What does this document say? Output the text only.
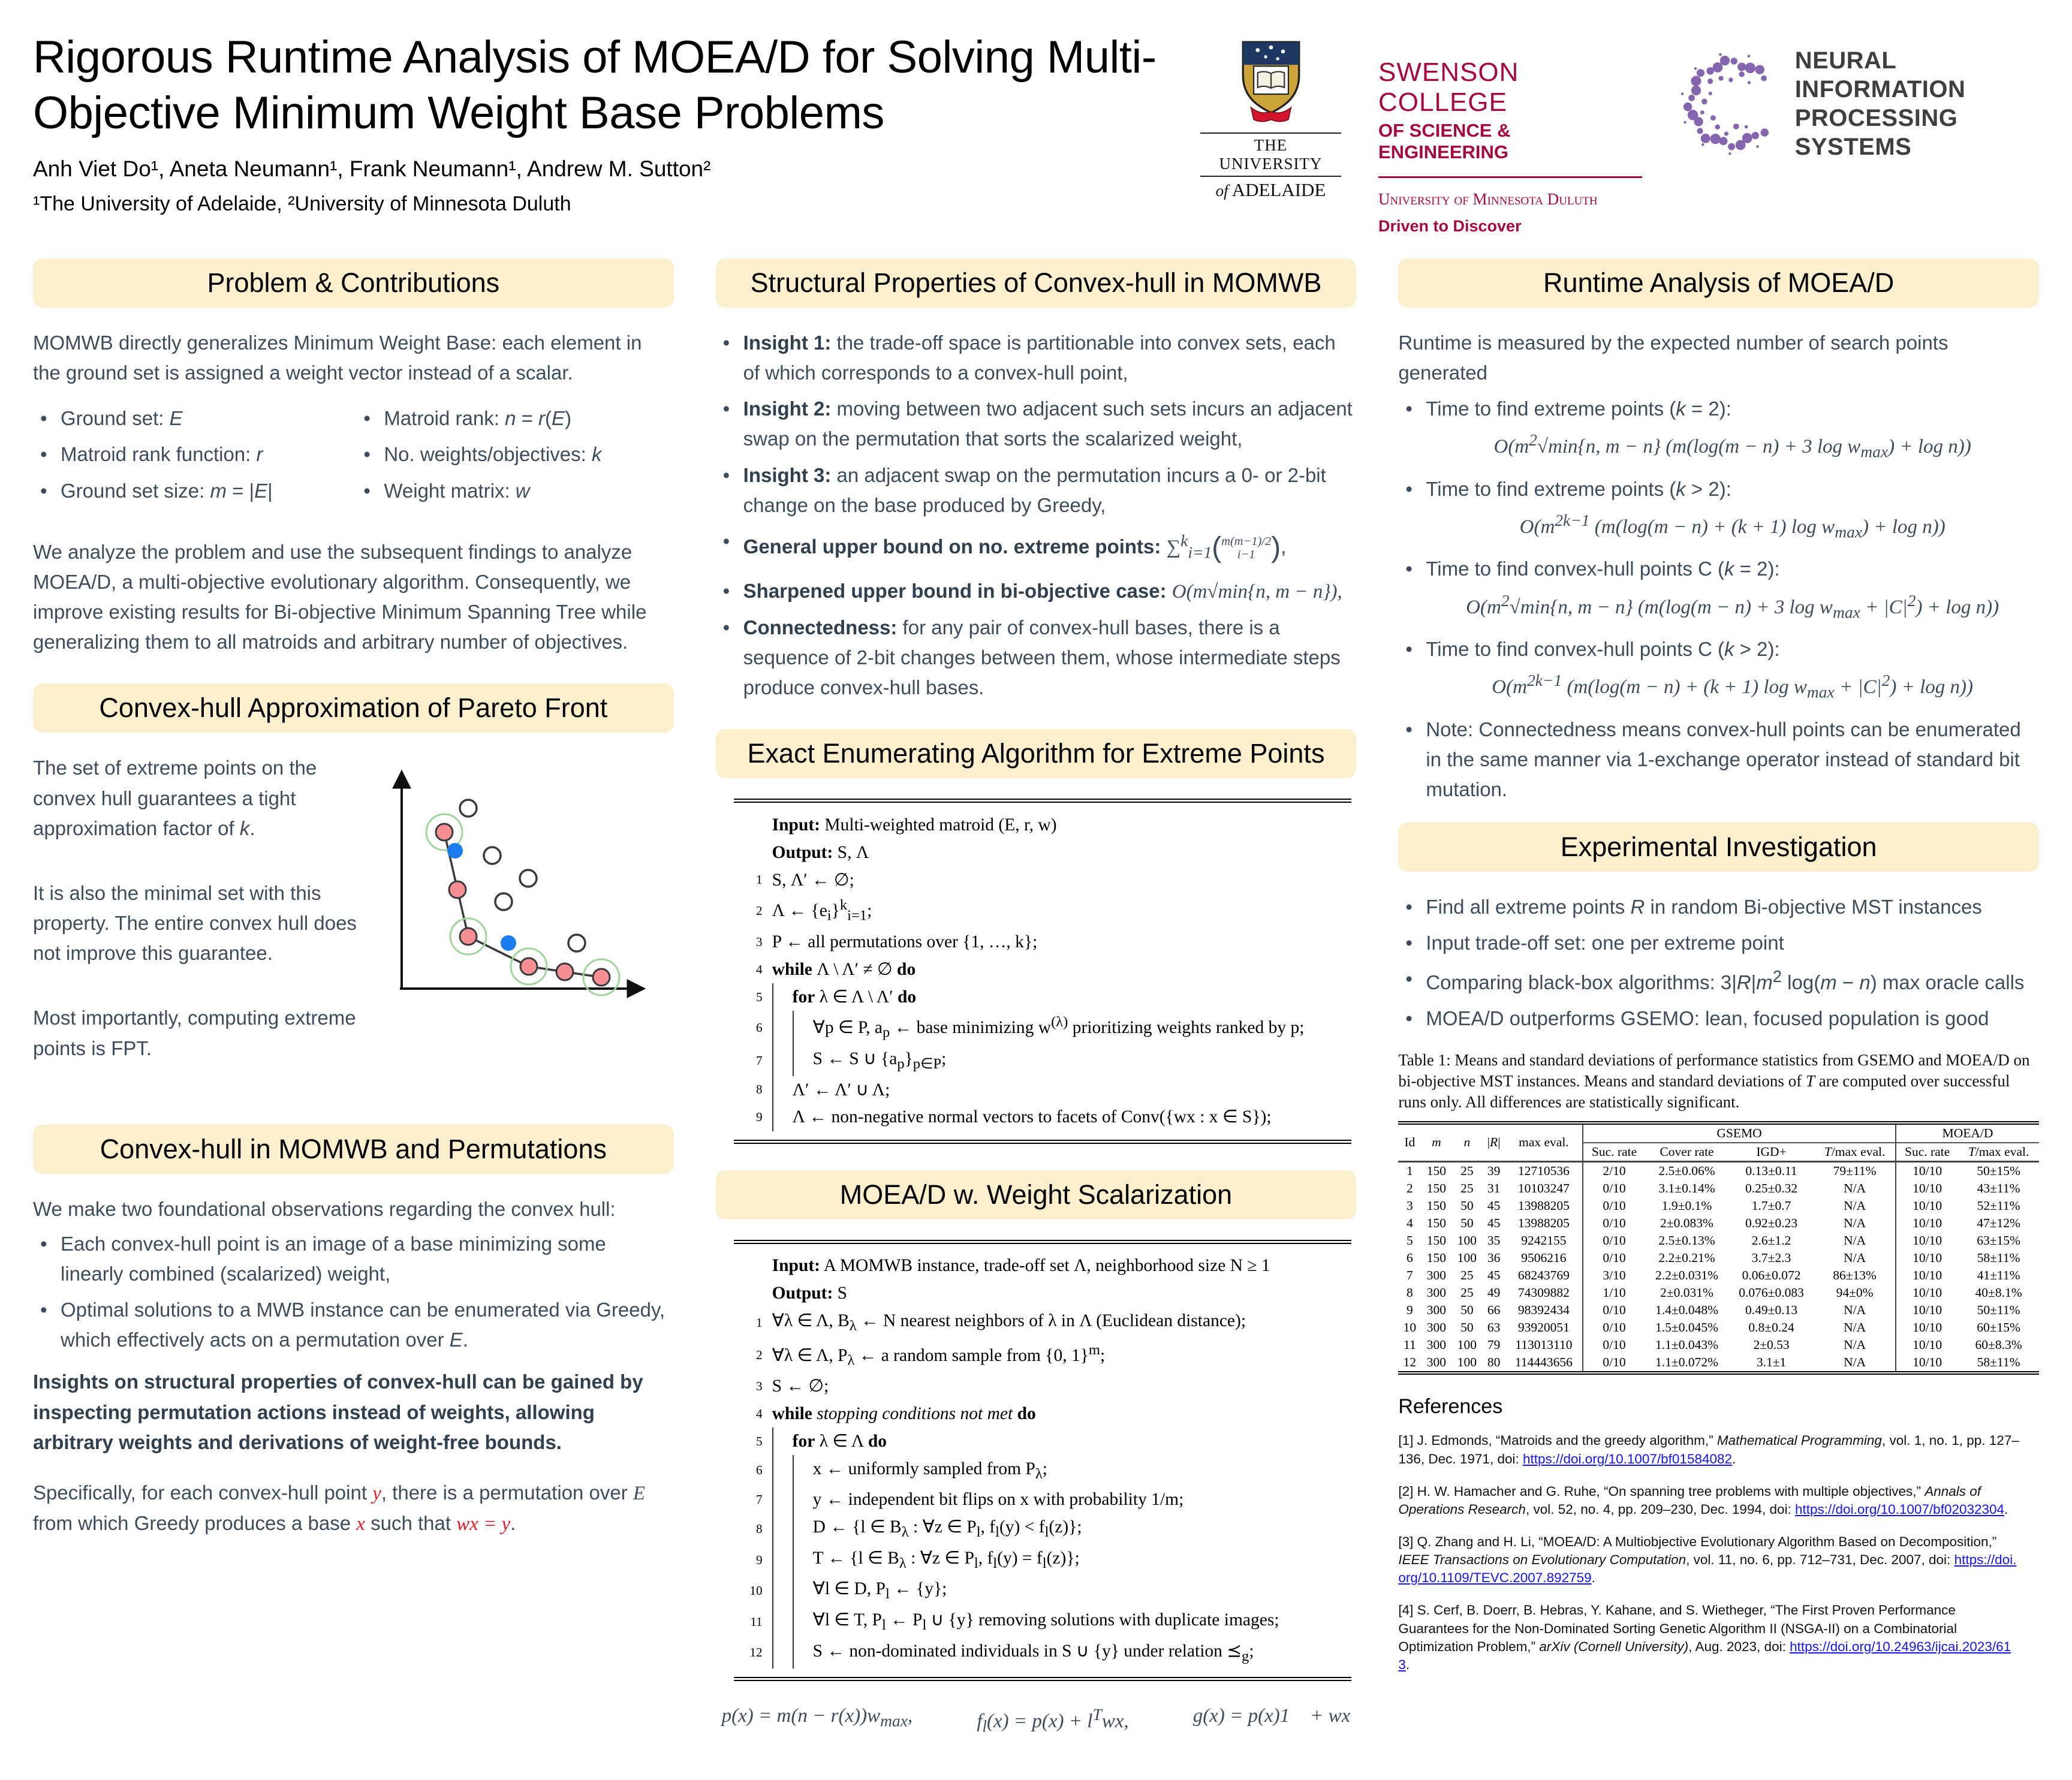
Rigorous Runtime Analysis of MOEA/D for Solving Multi-
Objective Minimum Weight Base Problems
Anh Viet Do¹, Aneta Neumann¹, Frank Neumann¹, Andrew M. Sutton²
¹The University of Adelaide, ²University of Minnesota Duluth
THE UNIVERSITY
of ADELAIDE
SWENSON COLLEGE
OF SCIENCE & ENGINEERING
University of Minnesota Duluth
Driven to Discover
NEURAL INFORMATION
PROCESSING SYSTEMS
Problem & Contributions

MOMWB directly generalizes Minimum Weight Base: each element in the ground set is assigned a weight vector instead of a scalar.

• Ground set: E
• Matroid rank function: r
• Ground set size: m = |E|
• Matroid rank: n = r(E)
• No. weights/objectives: k
• Weight matrix: w

We analyze the problem and use the subsequent findings to analyze MOEA/D, a multi-objective evolutionary algorithm. Consequently, we improve existing results for Bi-objective Minimum Spanning Tree while generalizing them to all matroids and arbitrary number of objectives.

Convex-hull Approximation of Pareto Front

The set of extreme points on the convex hull guarantees a tight approximation factor of k.

It is also the minimal set with this property. The entire convex hull does not improve this guarantee.

Most importantly, computing extreme points is FPT.

Convex-hull in MOMWB and Permutations

We make two foundational observations regarding the convex hull:

• Each convex-hull point is an image of a base minimizing some linearly combined (scalarized) weight,
• Optimal solutions to a MWB instance can be enumerated via Greedy, which effectively acts on a permutation over E.

Insights on structural properties of convex-hull can be gained by inspecting permutation actions instead of weights, allowing arbitrary weights and derivations of weight-free bounds.

Specifically, for each convex-hull point y, there is a permutation over E from which Greedy produces a base x such that wx = y.

Structural Properties of Convex-hull in MOMWB
• Insight 1: the trade-off space is partitionable into convex sets, each of which corresponds to a convex-hull point,
• Insight 2: moving between two adjacent such sets incurs an adjacent swap on the permutation that sorts the scalarized weight,
• Insight 3: an adjacent swap on the permutation incurs a 0- or 2-bit change on the base produced by Greedy,
• General upper bound on no. extreme points: ∑$^k_{i=1}$( m(m−1)/2
i−1 ),
• Sharpened upper bound in bi-objective case: O(m√min{n, m − n}),
• Connectedness: for any pair of convex-hull bases, there is a sequence of 2-bit changes between them, whose intermediate steps produce convex-hull bases.
Exact Enumerating Algorithm for Extreme Points
Input: Multi-weighted matroid (E, r, w)
Output: S, Λ
1 S, Λ′ ← ∅;
2 Λ ← $\{e_i\}^k_{i=1}$;
3 P ← all permutations over {1, …, k};
4 while Λ \ Λ′ ≠ ∅ do
5	for λ ∈ Λ \ Λ′ do
6	∀p ∈ P, $a_p$ ← base minimizing $w^{(\lambda)}$ prioritizing weights ranked by p;
7	S ← S ∪ $\{a_p\}_{p\in P}$;
8	Λ′ ← Λ′ ∪ Λ;
9	Λ ← non-negative normal vectors to facets of Conv({wx : x ∈ S});
MOEA/D w. Weight Scalarization
Input: A MOMWB instance, trade-off set Λ, neighborhood size N ≥ 1
Output: S
1 ∀λ ∈ Λ, $B_\lambda$ ← N nearest neighbors of λ in Λ (Euclidean distance);
2 ∀λ ∈ Λ, $P_\lambda$ ← a random sample from {0, 1}$^m$;
3 S ← ∅;
4 while stopping conditions not met do
5	for λ ∈ Λ do
6	x ← uniformly sampled from $P_\lambda$;
7	y ← independent bit flips on x with probability 1/m;
8	D ← {l ∈ $B_\lambda$ : ∀z ∈ $P_l$, $f_l(y) < f_l(z)$};
9	T ← {l ∈ $B_\lambda$ : ∀z ∈ $P_l$, $f_l(y) = f_l(z)$};
10	∀l ∈ D, $P_l$ ← {y};
11	∀l ∈ T, $P_l$ ← $P_l$ ∪ {y} removing solutions with duplicate images;
12	S ← non-dominated individuals in S ∪ {y} under relation $⪯_g$;
$p(x) = m(n - r(x))w_{max}$,	$f_l(x) = p(x) + l^Twx$,	g(x) = p(x)1⃗ + wx
Runtime Analysis of MOEA/D

Runtime is measured by the expected number of search points generated

• Time to find extreme points (k = 2):
$O(m^2√\min\{n$, m − n} (m(log(m − n) + 3 $\log w_{max}) + \log n$))
• Time to find extreme points (k > 2):
$O(m^{2k-1}$ (m(log(m − n) + (k + 1) $\log w_{max}) + \log n$))
• Time to find convex-hull points C (k = 2):
$O(m^2√\min\{n$, m − n} (m(log(m − n) + 3 $\log w_{max} + |C|^2) + \log n$))
• Time to find convex-hull points C (k > 2):
$O(m^{2k-1}$ (m(log(m − n) + (k + 1) $\log w_{max} + |C|^2) + \log n$))
• Note: Connectedness means convex-hull points can be enumerated in the same manner via 1-exchange operator instead of standard bit mutation.
Experimental Investigation
• Find all extreme points R in random Bi-objective MST instances
• Input trade-off set: one per extreme point
• Comparing black-box algorithms: $3|R|m^2$ log(m − n) max oracle calls
• MOEA/D outperforms GSEMO: lean, focused population is good

Table 1: Means and standard deviations of performance statistics from GSEMO and MOEA/D on bi-objective MST instances. Means and standard deviations of T are computed over successful runs only. All differences are statistically significant.

Id	m	n	|R|	max eval.	GSEMO				MOEA/D	
					Suc. rate	Cover rate	IGD+	T/max eval.	Suc. rate	T/max eval.
1	150	25	39	12710536	2/10	2.5±0.06%	0.13±0.11	79±11%	10/10	50±15%
2	150	25	31	10103247	0/10	3.1±0.14%	0.25±0.32	N/A	10/10	43±11%
3	150	50	45	13988205	0/10	1.9±0.1%	1.7±0.7	N/A	10/10	52±11%
4	150	50	45	13988205	0/10	2±0.083%	0.92±0.23	N/A	10/10	47±12%
5	150	100	35	9242155	0/10	2.5±0.13%	2.6±1.2	N/A	10/10	63±15%
6	150	100	36	9506216	0/10	2.2±0.21%	3.7±2.3	N/A	10/10	58±11%
7	300	25	45	68243769	3/10	2.2±0.031%	0.06±0.072	86±13%	10/10	41±11%
8	300	25	49	74309882	1/10	2±0.031%	0.076±0.083	94±0%	10/10	40±8.1%
9	300	50	66	98392434	0/10	1.4±0.048%	0.49±0.13	N/A	10/10	50±11%
10	300	50	63	93920051	0/10	1.5±0.045%	0.8±0.24	N/A	10/10	60±15%
11	300	100	79	113013110	0/10	1.1±0.043%	2±0.53	N/A	10/10	60±8.3%
12	300	100	80	114443656	0/10	1.1±0.072%	3.1±1	N/A	10/10	58±11%
References

[1] J. Edmonds, “Matroids and the greedy algorithm,” Mathematical Programming, vol. 1, no. 1, pp. 127–136, Dec. 1971, doi: https://doi.org/10.1007/bf01584082.

[2] H. W. Hamacher and G. Ruhe, “On spanning tree problems with multiple objectives,” Annals of Operations Research, vol. 52, no. 4, pp. 209–230, Dec. 1994, doi: https://doi.org/10.1007/bf02032304.

[3] Q. Zhang and H. Li, “MOEA/D: A Multiobjective Evolutionary Algorithm Based on Decomposition,” IEEE Transactions on Evolutionary Computation, vol. 11, no. 6, pp. 712–731, Dec. 2007, doi: https://doi.org/10.1109/TEVC.2007.892759.

[4] S. Cerf, B. Doerr, B. Hebras, Y. Kahane, and S. Wietheger, “The First Proven Performance Guarantees for the Non-Dominated Sorting Genetic Algorithm II (NSGA-II) on a Combinatorial Optimization Problem,” arXiv (Cornell University), Aug. 2023, doi: https://doi.org/10.24963/ijcai.2023/613.
